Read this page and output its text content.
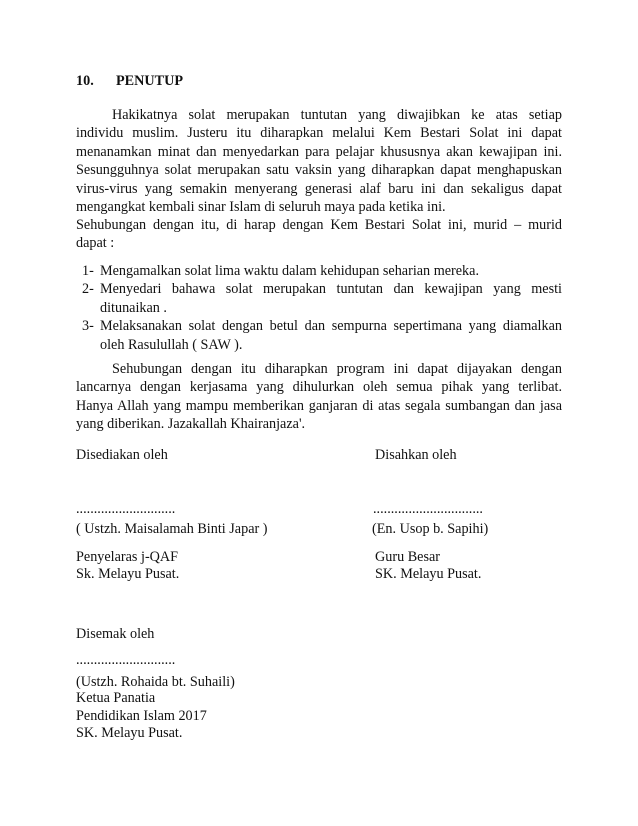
10. PENUTUP
Hakikatnya solat merupakan tuntutan yang diwajibkan ke atas setiap
individu muslim. Justeru itu diharapkan melalui Kem Bestari Solat ini dapat
menanamkan minat dan menyedarkan para pelajar khususnya akan kewajipan ini.
Sesungguhnya solat merupakan satu vaksin yang diharapkan dapat menghapuskan
virus-virus yang semakin menyerang generasi alaf baru ini dan sekaligus dapat
mengangkat kembali sinar Islam di seluruh maya pada ketika ini.
Sehubungan dengan itu, di harap dengan Kem Bestari Solat ini, murid – murid
dapat :
1- Mengamalkan solat lima waktu dalam kehidupan seharian mereka.
2- Menyedari bahawa solat merupakan tuntutan dan kewajipan yang mesti
ditunaikan .
3- Melaksanakan solat dengan betul dan sempurna sepertimana yang diamalkan
oleh Rasulullah ( SAW ).
Sehubungan dengan itu diharapkan program ini dapat dijayakan dengan
lancarnya dengan kerjasama yang dihulurkan oleh semua pihak yang terlibat.
Hanya Allah yang mampu memberikan ganjaran di atas segala sumbangan dan jasa
yang diberikan. Jazakallah Khairanjaza'.
Disediakan oleh
............................
( Ustzh. Maisalamah Binti Japar )
Penyelaras j-QAF
Sk. Melayu Pusat.
Disahkan oleh
...............................
(En. Usop b. Sapihi)
Guru Besar
SK. Melayu Pusat.
Disemak oleh
............................
(Ustzh. Rohaida bt. Suhaili)
Ketua Panatia
Pendidikan Islam 2017
SK. Melayu Pusat.
